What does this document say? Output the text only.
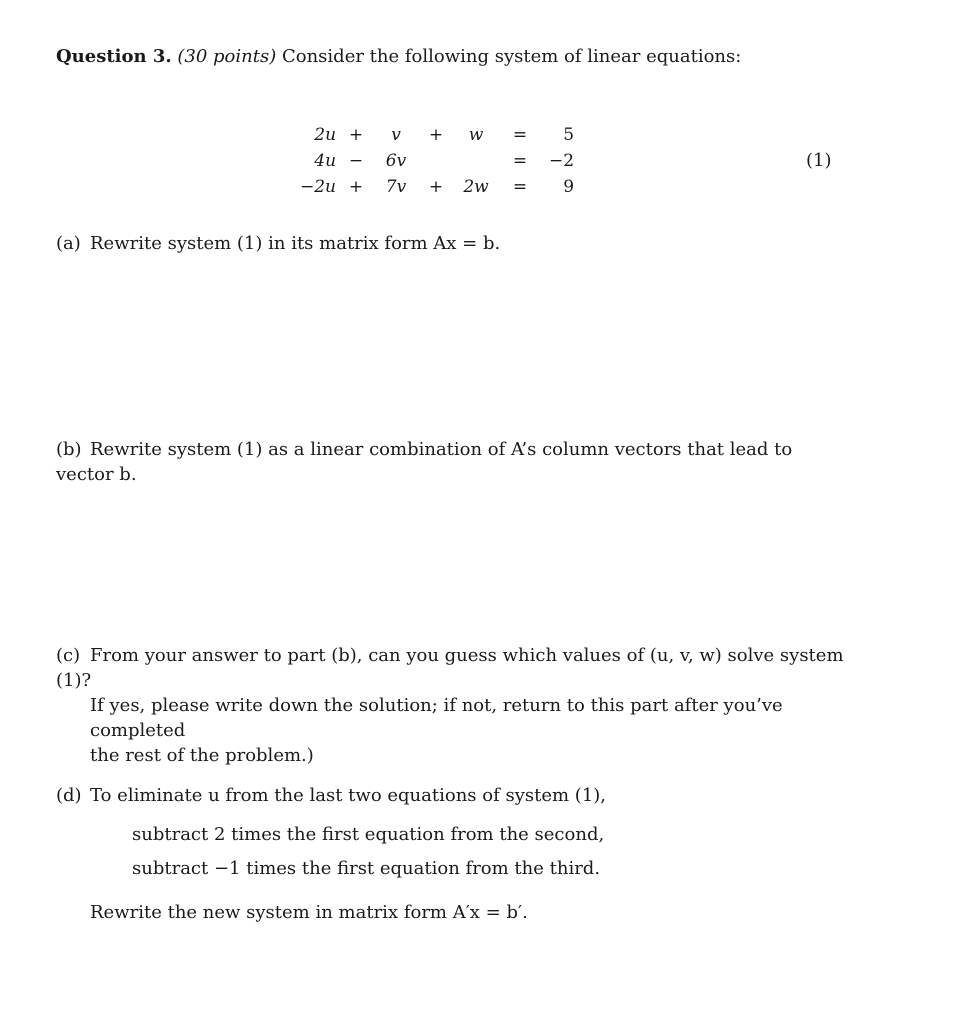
Question 3. (30 points) Consider the following system of linear equations:
2u	+	v	+	w	=	5
4u	−	6v			=	−2
−2u	+	7v	+	2w	=	9
(1)
(a) Rewrite system (1) in its matrix form Ax = b.
(b) Rewrite system (1) as a linear combination of A’s column vectors that lead to vector b.
(c) From your answer to part (b), can you guess which values of (u, v, w) solve system (1)?
If yes, please write down the solution; if not, return to this part after you’ve completed
the rest of the problem.)
(d) To eliminate u from the last two equations of system (1),
subtract 2 times the first equation from the second,
subtract −1 times the first equation from the third.
Rewrite the new system in matrix form A′x = b′.
